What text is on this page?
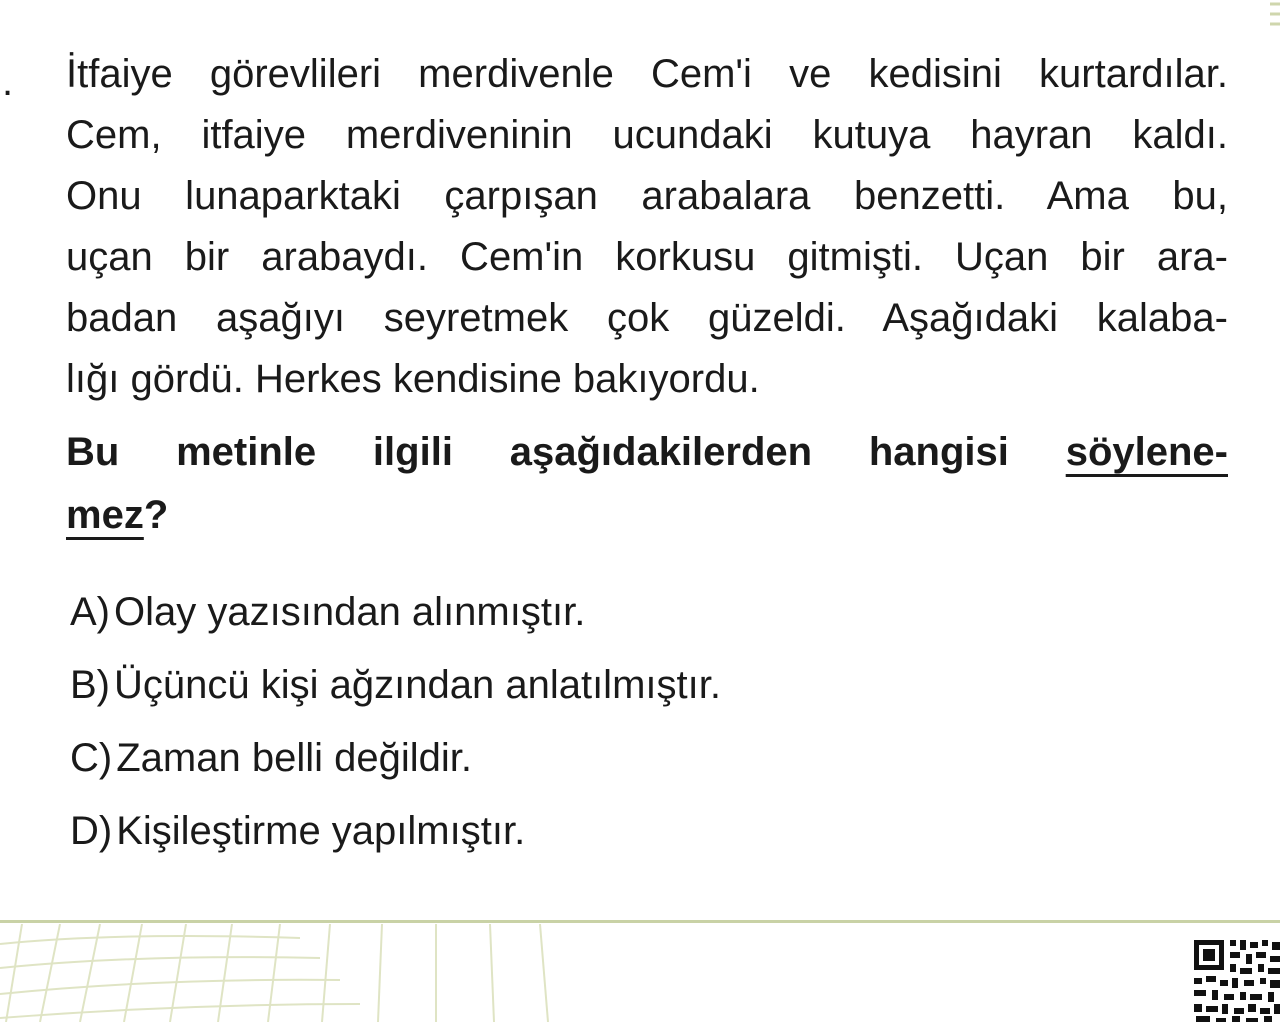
. İtfaiye görevlileri merdivenle Cem'i ve kedisini kurtardılar.
Cem, itfaiye merdiveninin ucundaki kutuya hayran kaldı.
Onu lunaparktaki çarpışan arabalara benzetti. Ama bu,
uçan bir arabaydı. Cem'in korkusu gitmişti. Uçan bir ara-
badan aşağıyı seyretmek çok güzeldi. Aşağıdaki kalaba-
lığı gördü. Herkes kendisine bakıyordu.
Bu metinle ilgili aşağıdakilerden hangisi söylene-
mez?
A) Olay yazısından alınmıştır.
B) Üçüncü kişi ağzından anlatılmıştır.
C) Zaman belli değildir.
D) Kişileştirme yapılmıştır.
